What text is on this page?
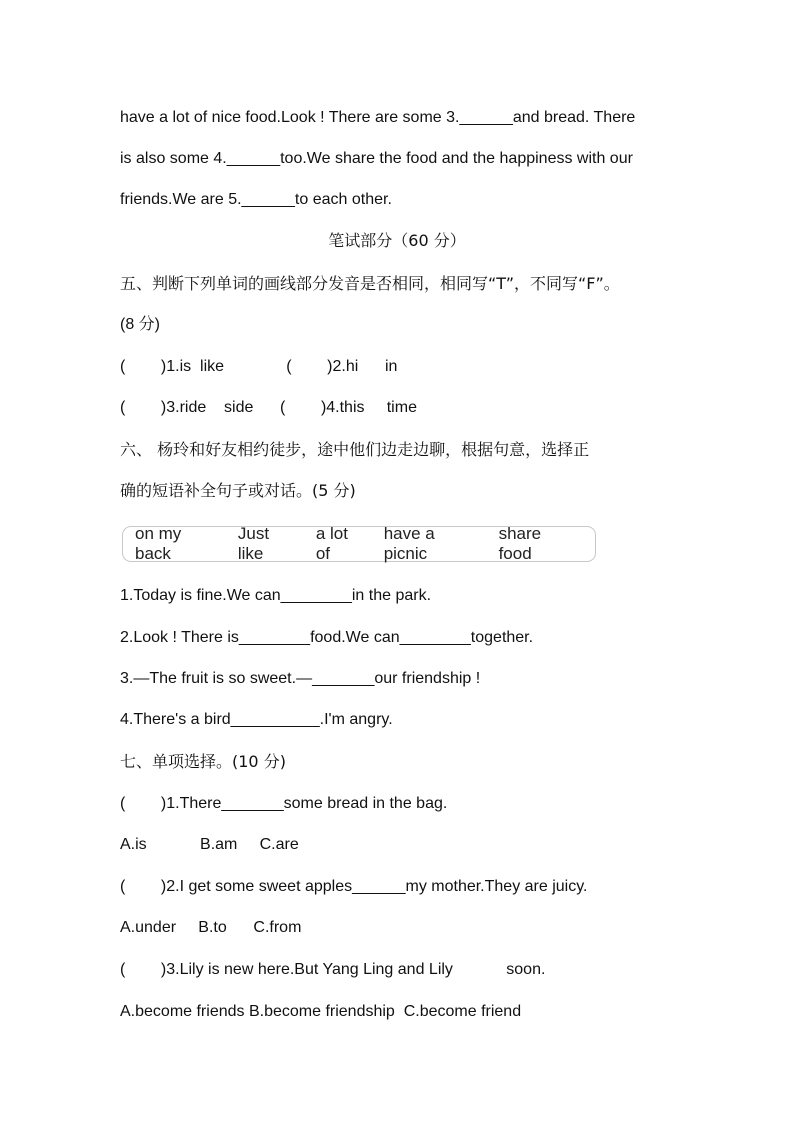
have a lot of nice food.Look ! There are some 3.______and bread. There
is also some 4.______too.We share the food and the happiness with our
friends.We are 5.______to each other.
笔试部分（60 分）
五、判断下列单词的画线部分发音是否相同，相同写“T”，不同写“F”。
(8 分)
(        )1.is  like              (        )2.hi      in
(        )3.ride    side      (        )4.this     time
六、 杨玲和好友相约徒步，途中他们边走边聊，根据句意，选择正
确的短语补全句子或对话。(5 分)
on my back
Just like
a lot of
have a picnic
share food
1.Today is fine.We can________in the park.
2.Look ! There is________food.We can________together.
3.—The fruit is so sweet.—_______our friendship !
4.There's a bird__________.I'm angry.
七、单项选择。(10 分)
(        )1.There_______some bread in the bag.
A.is            B.am     C.are
(        )2.I get some sweet apples______my mother.They are juicy.
A.under     B.to      C.from
(        )3.Lily is new here.But Yang Ling and Lily            soon.
A.become friends B.become friendship  C.become friend
